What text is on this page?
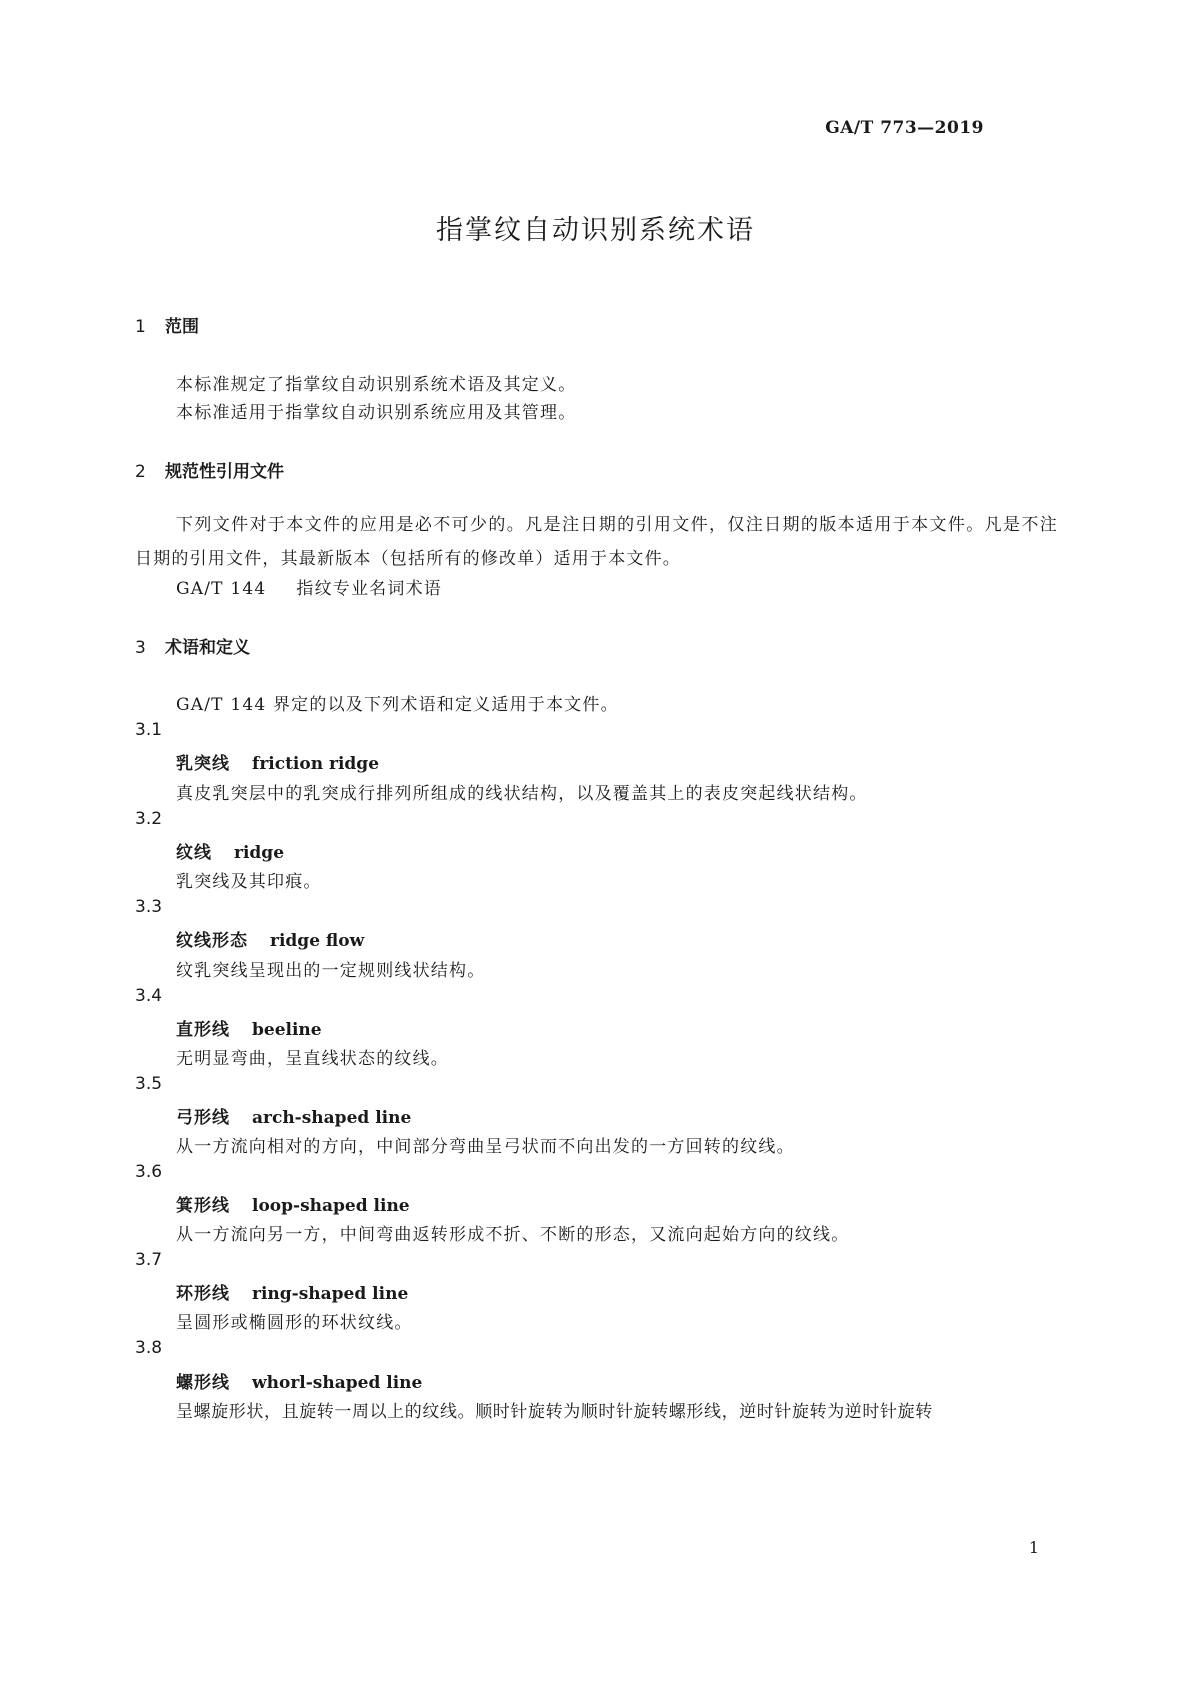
GA/T 773—2019
指掌纹自动识别系统术语
1 范围
本标准规定了指掌纹自动识别系统术语及其定义。
本标准适用于指掌纹自动识别系统应用及其管理。
2 规范性引用文件
下列文件对于本文件的应用是必不可少的。凡是注日期的引用文件，仅注日期的版本适用于本文件。凡是不注日期的引用文件，其最新版本（包括所有的修改单）适用于本文件。
GA/T 144 指纹专业名词术语
3 术语和定义
GA/T 144 界定的以及下列术语和定义适用于本文件。
3.1
乳突线 friction ridge
真皮乳突层中的乳突成行排列所组成的线状结构，以及覆盖其上的表皮突起线状结构。
3.2
纹线 ridge
乳突线及其印痕。
3.3
纹线形态 ridge flow
纹乳突线呈现出的一定规则线状结构。
3.4
直形线 beeline
无明显弯曲，呈直线状态的纹线。
3.5
弓形线 arch-shaped line
从一方流向相对的方向，中间部分弯曲呈弓状而不向出发的一方回转的纹线。
3.6
箕形线 loop-shaped line
从一方流向另一方，中间弯曲返转形成不折、不断的形态，又流向起始方向的纹线。
3.7
环形线 ring-shaped line
呈圆形或椭圆形的环状纹线。
3.8
螺形线 whorl-shaped line
呈螺旋形状，且旋转一周以上的纹线。顺时针旋转为顺时针旋转螺形线，逆时针旋转为逆时针旋转
1
